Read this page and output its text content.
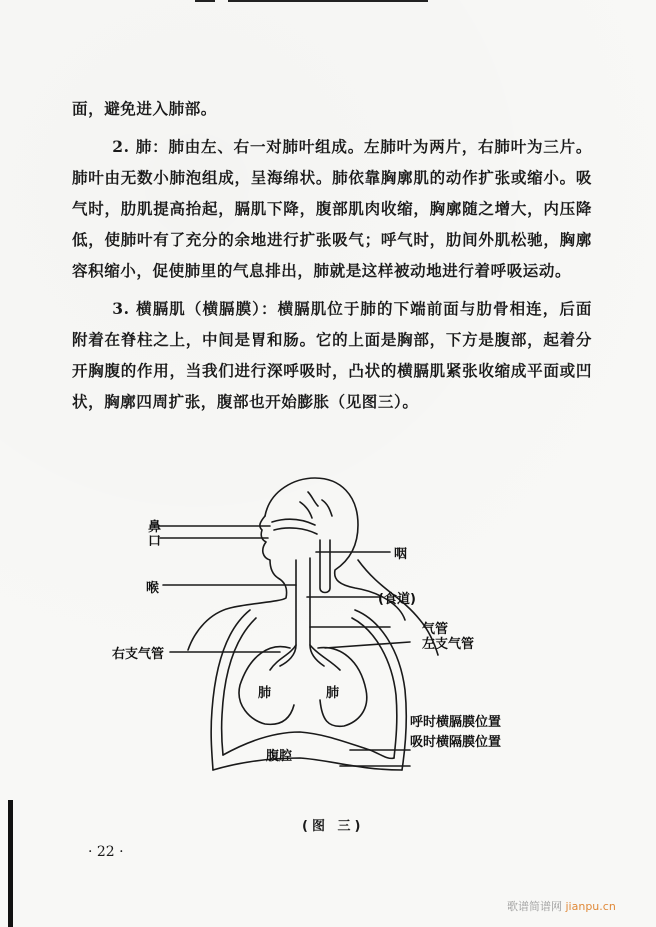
面，避免进入肺部。

2. 肺：肺由左、右一对肺叶组成。左肺叶为两片，右肺叶为三片。肺叶由无数小肺泡组成，呈海绵状。肺依靠胸廓肌的动作扩张或缩小。吸气时，肋肌提高抬起，膈肌下降，腹部肌肉收缩，胸廓随之增大，内压降低，使肺叶有了充分的余地进行扩张吸气；呼气时，肋间外肌松驰，胸廓容积缩小，促使肺里的气息排出，肺就是这样被动地进行着呼吸运动。

3. 横膈肌（横膈膜）：横膈肌位于肺的下端前面与肋骨相连，后面附着在脊柱之上，中间是胃和肠。它的上面是胸部，下方是腹部，起着分开胸腹的作用，当我们进行深呼吸时，凸状的横膈肌紧张收缩成平面或凹状，胸廓四周扩张，腹部也开始膨胀（见图三）。

鼻
口
咽
喉
(食道)
气管
右支气管
左支气管
肺	肺
呼时横膈膜位置
吸时横隔膜位置
腹腔
(图 三)
· 22 ·
歌谱简谱网 jianpu.cn
